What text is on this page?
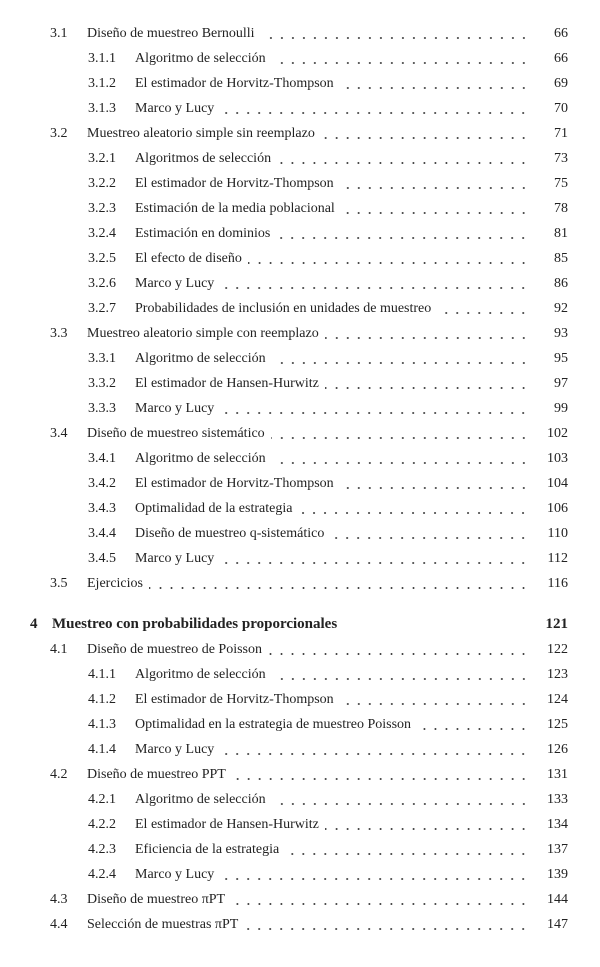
3.1 Diseño de muestreo Bernoulli	66
3.1.1 Algoritmo de selección	66
3.1.2 El estimador de Horvitz-Thompson	69
3.1.3 Marco y Lucy	70
3.2 Muestreo aleatorio simple sin reemplazo	71
3.2.1 Algoritmos de selección	73
3.2.2 El estimador de Horvitz-Thompson	75
3.2.3 Estimación de la media poblacional	78
3.2.4 Estimación en dominios	81
3.2.5 El efecto de diseño	85
3.2.6 Marco y Lucy	86
3.2.7 Probabilidades de inclusión en unidades de muestreo	92
3.3 Muestreo aleatorio simple con reemplazo	93
3.3.1 Algoritmo de selección	95
3.3.2 El estimador de Hansen-Hurwitz	97
3.3.3 Marco y Lucy	99
3.4 Diseño de muestreo sistemático	102
3.4.1 Algoritmo de selección	103
3.4.2 El estimador de Horvitz-Thompson	104
3.4.3 Optimalidad de la estrategia	106
3.4.4 Diseño de muestreo q-sistemático	110
3.4.5 Marco y Lucy	112
3.5 Ejercicios	116
4 Muestreo con probabilidades proporcionales	121
4.1 Diseño de muestreo de Poisson	122
4.1.1 Algoritmo de selección	123
4.1.2 El estimador de Horvitz-Thompson	124
4.1.3 Optimalidad en la estrategia de muestreo Poisson	125
4.1.4 Marco y Lucy	126
4.2 Diseño de muestreo PPT	131
4.2.1 Algoritmo de selección	133
4.2.2 El estimador de Hansen-Hurwitz	134
4.2.3 Eficiencia de la estrategia	137
4.2.4 Marco y Lucy	139
4.3 Diseño de muestreo πPT	144
4.4 Selección de muestras πPT	147
